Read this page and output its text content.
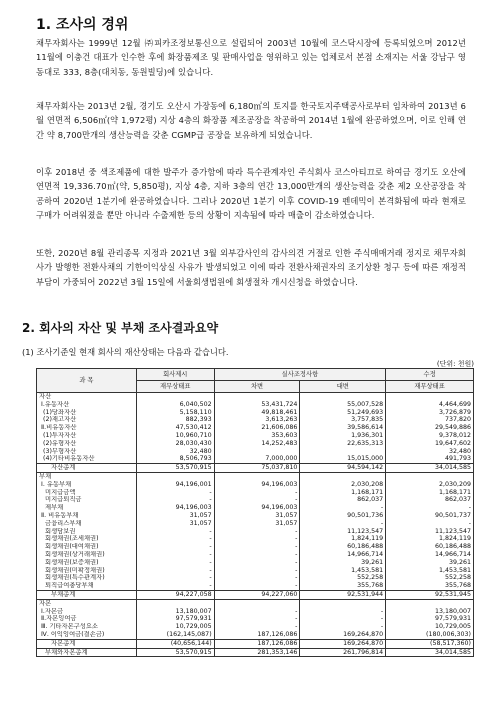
1. 조사의 경위

채무자회사는 1999년 12월 ㈜피카조정보통신으로 설립되어 2003년 10월에 코스닥시장에 등록되었으며 2012년 11월에 이충건 대표가 인수한 후에 화장품제조 및 판매사업을 영위하고 있는 업체로서 본점 소재지는 서울 강남구 영동대로 333, 8층(대치동, 동원빌딩)에 있습니다.

채무자회사는 2013년 2월, 경기도 오산시 가장동에 6,180㎡의 토지를 한국토지주택공사로부터 임차하여 2013년 6월 연면적 6,506㎡(약 1,972평) 지상 4층의 화장품 제조공장을 착공하여 2014년 1월에 완공하였으며, 이로 인해 연간 약 8,700만개의 생산능력을 갖춘 CGMP급 공장을 보유하게 되었습니다.

이후 2018년 중 색조제품에 대한 발주가 증가함에 따라 특수관계자인 주식회사 코스아티끄로 하여금 경기도 오산에 연면적 19,336.70㎡(약, 5,850평), 지상 4층, 지하 3층의 연간 13,000만개의 생산능력을 갖춘 제2 오산공장을 착공하여 2020년 1분기에 완공하였습니다. 그러나 2020년 1분기 이후 COVID-19 펜데믹이 본격화됨에 따라 현재로 구매가 어려워졌을 뿐만 아니라 수출제한 등의 상황이 지속됨에 따라 매출이 감소하였습니다.

또한, 2020년 8월 관리종목 지정과 2021년 3월 외부감사인의 감사의견 거절로 인한 주식매매거래 정지로 채무자회사가 발행한 전환사채의 기한이익상실 사유가 발생되었고 이에 따라 전환사채권자의 조기상환 청구 등에 따른 재정적 부담이 가중되어 2022년 3월 15일에 서울회생법원에 회생절차 개시신청을 하였습니다.

2. 회사의 자산 및 부채 조사결과요약
(1) 조사기준일 현재 회사의 재산상태는 다음과 같습니다.
(단위: 천원)
과 목	회사제시	실사조정사항		수정
	재무상태표	차변	대변	재무상태표
자산				
Ⅰ.유동자산	6,040,502	53,431,724	55,007,528	4,464,699
(1)당좌자산	5,158,110	49,818,461	51,249,693	3,726,879
(2)재고자산	882,393	3,613,263	3,757,835	737,820
Ⅱ.비유동자산	47,530,412	21,606,086	39,586,614	29,549,886
(1)투자자산	10,960,710	353,603	1,936,301	9,378,012
(2)유형자산	28,030,430	14,252,483	22,635,313	19,647,602
(3)무형자산	32,480			32,480
(4)기타비유동자산	8,506,793	7,000,000	15,015,000	491,793
자산총계	53,570,915	75,037,810	94,594,142	34,014,585
부채				
Ⅰ. 유동부채	94,196,001	94,196,003	2,030,208	2,030,209
미지급금액	-	-	1,168,171	1,168,171
미지급퇴직금	-	-	862,037	862,037
제부채	94,196,003	94,196,003	-	-
Ⅱ. 비유동부채	31,057	31,057	90,501,736	90,501,737
금융리스부채	31,057	31,057	-	-
회생담보권	-	-	11,123,547	11,123,547
회생채권(조세채권)	-	-	1,824,119	1,824,119
회생채권(대여채권)	-	-	60,186,488	60,186,488
회생채권(상거래채권)	-	-	14,966,714	14,966,714
회생채권(보증채권)	-	-	39,261	39,261
회생채권(미확정채권)	-	-	1,453,581	1,453,581
회생채권(특수관계자)	-	-	552,258	552,258
퇴직급여충당부채	-	-	355,768	355,768
부채총계	94,227,058	94,227,060	92,531,944	92,531,945
자본				
Ⅰ.자본금	13,180,007	-	-	13,180,007
Ⅱ.자본잉여금	97,579,931	-	-	97,579,931
Ⅲ. 기타자본구성요소	10,729,005	-	-	10,729,005
Ⅳ. 이익잉여금(결손금)	(162,145,087)	187,126,086	169,264,870	(180,006,303)
자본총계	(40,656,144)	187,126,086	169,264,870	(58,517,360)
부채와자본총계	53,570,915	281,353,146	261,796,814	34,014,585
